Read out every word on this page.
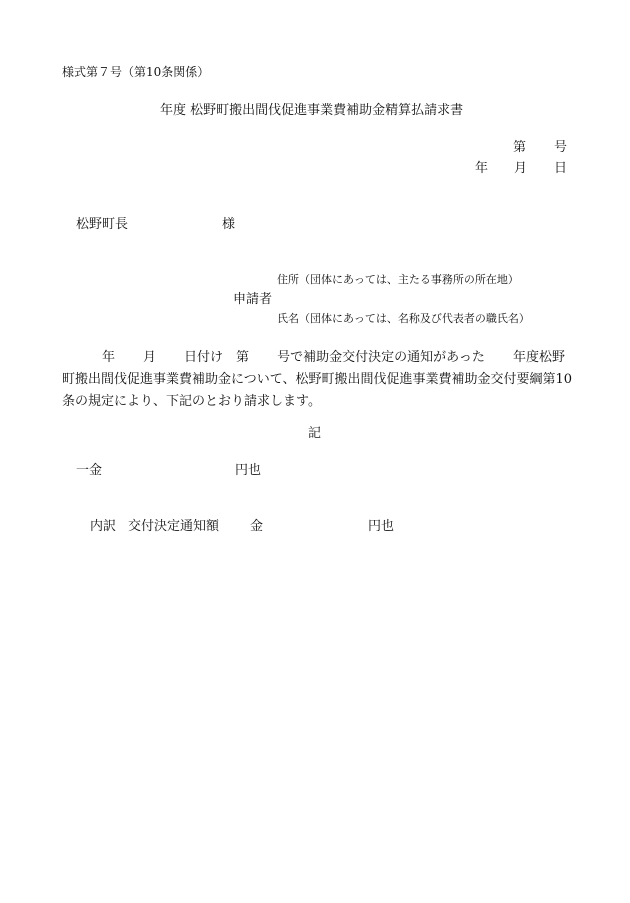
様式第７号（第10条関係）
年度 松野町搬出間伐促進事業費補助金精算払請求書
第 号
年 月 日
松野町長	様
住所（団体にあっては、主たる事務所の所在地）
申請者
氏名（団体にあっては、名称及び代表者の職氏名）
年 月 日付け 第 号で補助金交付決定の通知があった 年度松野町搬出間伐促進事業費補助金について、松野町搬出間伐促進事業費補助金交付要綱第10条の規定により、下記のとおり請求します。
記
一金	円也
内訳 交付決定通知額 金	円也
